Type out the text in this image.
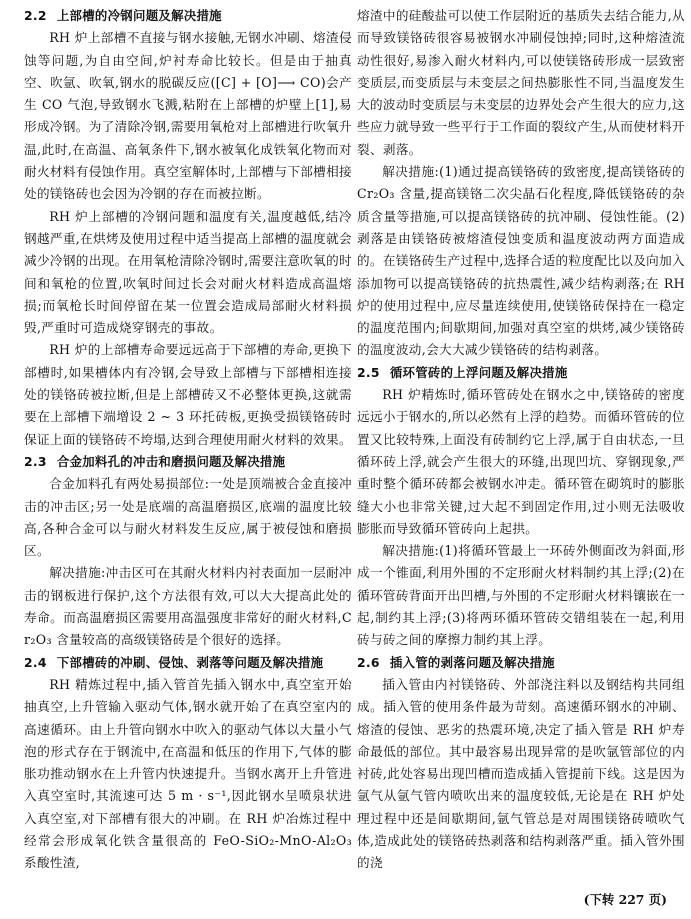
2.2 上部槽的冷钢问题及解决措施

RH 炉上部槽不直接与钢水接触,无钢水冲刷、熔渣侵蚀等问题,为自由空间,炉衬寿命比较长。但是由于抽真空、吹氩、吹氧,钢水的脱碳反应([C] + [O]⟶ CO)会产生 CO 气泡,导致钢水飞溅,粘附在上部槽的炉壁上[1],易形成冷钢。为了清除冷钢,需要用氧枪对上部槽进行吹氧升温,此时,在高温、高氧条件下,钢水被氧化成铁氧化物而对耐火材料有侵蚀作用。真空室解体时,上部槽与下部槽相接处的镁铬砖也会因为冷钢的存在而被拉断。

RH 炉上部槽的冷钢问题和温度有关,温度越低,结冷钢越严重,在烘烤及使用过程中适当提高上部槽的温度就会减少冷钢的出现。在用氧枪清除冷钢时,需要注意吹氧的时间和氧枪的位置,吹氧时间过长会对耐火材料造成高温熔损;而氧枪长时间停留在某一位置会造成局部耐火材料损毁,严重时可造成烧穿钢壳的事故。

RH 炉的上部槽寿命要远远高于下部槽的寿命,更换下部槽时,如果槽体内有冷钢,会导致上部槽与下部槽相连接处的镁铬砖被拉断,但是上部槽砖又不必整体更换,这就需要在上部槽下端增设 2 ~ 3 环托砖板,更换受损镁铬砖时保证上面的镁铬砖不垮塌,达到合理使用耐火材料的效果。

2.3 合金加料孔的冲击和磨损问题及解决措施

合金加料孔有两处易损部位:一处是顶端被合金直接冲击的冲击区;另一处是底端的高温磨损区,底端的温度比较高,各种合金可以与耐火材料发生反应,属于被侵蚀和磨损区。

解决措施:冲击区可在其耐火材料内衬表面加一层耐冲击的钢板进行保护,这个方法很有效,可以大大提高此处的寿命。而高温磨损区需要用高温强度非常好的耐火材料,Cr₂O₃ 含量较高的高级镁铬砖是个很好的选择。

2.4 下部槽砖的冲刷、侵蚀、剥落等问题及解决措施

RH 精炼过程中,插入管首先插入钢水中,真空室开始抽真空,上升管输入驱动气体,钢水就开始了在真空室内的高速循环。由上升管向钢水中吹入的驱动气体以大量小气泡的形式存在于钢流中,在高温和低压的作用下,气体的膨胀功推动钢水在上升管内快速提升。当钢水离开上升管进入真空室时,其流速可达 5 m · s⁻¹,因此钢水呈喷泉状进入真空室,对下部槽有很大的冲刷。在 RH 炉冶炼过程中经常会形成氧化铁含量很高的 FeO-SiO₂-MnO-Al₂O₃ 系酸性渣,

熔渣中的硅酸盐可以使工作层附近的基质失去结合能力,从而导致镁铬砖很容易被钢水冲刷侵蚀掉;同时,这种熔渣流动性很好,易渗入耐火材料内,可以使镁铬砖形成一层致密变质层,而变质层与未变层之间热膨胀性不同,当温度发生大的波动时变质层与未变层的边界处会产生很大的应力,这些应力就导致一些平行于工作面的裂纹产生,从而使材料开裂、剥落。

解决措施:(1)通过提高镁铬砖的致密度,提高镁铬砖的 Cr₂O₃ 含量,提高镁铬二次尖晶石化程度,降低镁铬砖的杂质含量等措施,可以提高镁铬砖的抗冲刷、侵蚀性能。(2)剥落是由镁铬砖被熔渣侵蚀变质和温度波动两方面造成的。在镁铬砖生产过程中,选择合适的粒度配比以及向加入添加物可以提高镁铬砖的抗热震性,减少结构剥落;在 RH 炉的使用过程中,应尽量连续使用,使镁铬砖保持在一稳定的温度范围内;间歇期间,加强对真空室的烘烤,减少镁铬砖的温度波动,会大大减少镁铬砖的结构剥落。

2.5 循环管砖的上浮问题及解决措施

RH 炉精炼时,循环管砖处在钢水之中,镁铬砖的密度远远小于钢水的,所以必然有上浮的趋势。而循环管砖的位置又比较特殊,上面没有砖制约它上浮,属于自由状态,一旦循环砖上浮,就会产生很大的环缝,出现凹坑、穿钢现象,严重时整个循环砖都会被钢水冲走。循环管在砌筑时的膨胀缝大小也非常关键,过大起不到固定作用,过小则无法吸收膨胀而导致循环管砖向上起拱。

解决措施:(1)将循环管最上一环砖外侧面改为斜面,形成一个锥面,利用外围的不定形耐火材料制约其上浮;(2)在循环管砖背面开出凹槽,与外围的不定形耐火材料镶嵌在一起,制约其上浮;(3)将两环循环管砖交错组装在一起,利用砖与砖之间的摩擦力制约其上浮。

2.6 插入管的剥落问题及解决措施

插入管由内衬镁铬砖、外部浇注料以及钢结构共同组成。插入管的使用条件最为苛刻。高速循环钢水的冲刷、熔渣的侵蚀、恶劣的热震环境,决定了插入管是 RH 炉寿命最低的部位。其中最容易出现异常的是吹氩管部位的内衬砖,此处容易出现凹槽而造成插入管提前下线。这是因为氩气从氩气管内喷吹出来的温度较低,无论是在 RH 炉处理过程中还是间歇期间,氩气管总是对周围镁铬砖喷吹气体,造成此处的镁铬砖热剥落和结构剥落严重。插入管外围的浇

(下转 227 页)
